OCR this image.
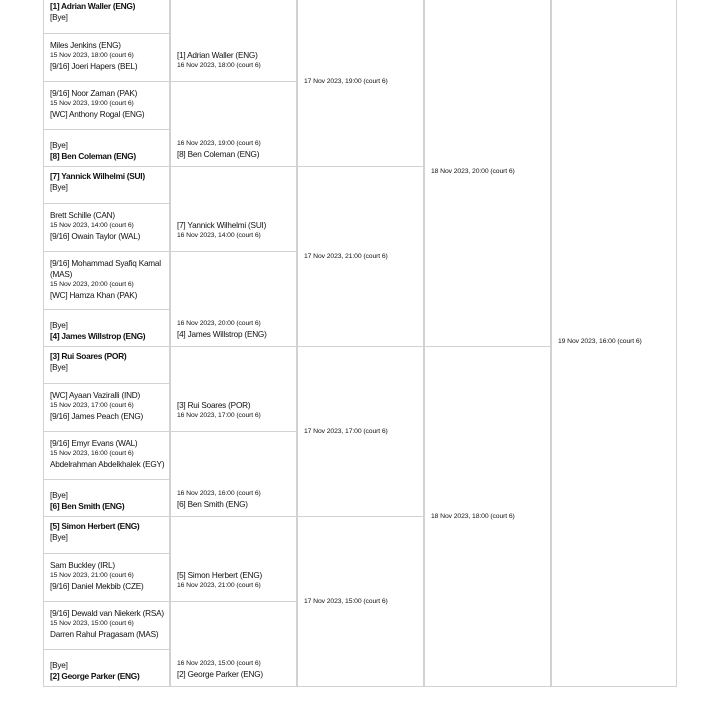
[1] Adrian Waller (ENG)
[Bye]
Miles Jenkins (ENG)
15 Nov 2023, 18:00 (court 6)
[9/16] Joeri Hapers (BEL)
[9/16] Noor Zaman (PAK)
15 Nov 2023, 19:00 (court 6)
[WC] Anthony Rogal (ENG)
[Bye]
[8] Ben Coleman (ENG)
[7] Yannick Wilhelmi (SUI)
[Bye]
Brett Schille (CAN)
15 Nov 2023, 14:00 (court 6)
[9/16] Owain Taylor (WAL)
[9/16] Mohammad Syafiq Kamal
(MAS)
15 Nov 2023, 20:00 (court 6)
[WC] Hamza Khan (PAK)
[Bye]
[4] James Willstrop (ENG)
[3] Rui Soares (POR)
[Bye]
[WC] Ayaan Vaziralli (IND)
15 Nov 2023, 17:00 (court 6)
[9/16] James Peach (ENG)
[9/16] Emyr Evans (WAL)
15 Nov 2023, 16:00 (court 6)
Abdelrahman Abdelkhalek (EGY)
[Bye]
[6] Ben Smith (ENG)
[5] Simon Herbert (ENG)
[Bye]
Sam Buckley (IRL)
15 Nov 2023, 21:00 (court 6)
[9/16] Daniel Mekbib (CZE)
[9/16] Dewald van Niekerk (RSA)
15 Nov 2023, 15:00 (court 6)
Darren Rahul Pragasam (MAS)
[Bye]
[2] George Parker (ENG)
[1] Adrian Waller (ENG)
16 Nov 2023, 18:00 (court 6)
16 Nov 2023, 19:00 (court 6)
[8] Ben Coleman (ENG)
[7] Yannick Wilhelmi (SUI)
16 Nov 2023, 14:00 (court 6)
16 Nov 2023, 20:00 (court 6)
[4] James Willstrop (ENG)
[3] Rui Soares (POR)
16 Nov 2023, 17:00 (court 6)
16 Nov 2023, 16:00 (court 6)
[6] Ben Smith (ENG)
[5] Simon Herbert (ENG)
16 Nov 2023, 21:00 (court 6)
16 Nov 2023, 15:00 (court 6)
[2] George Parker (ENG)
17 Nov 2023, 19:00 (court 6)
17 Nov 2023, 21:00 (court 6)
17 Nov 2023, 17:00 (court 6)
17 Nov 2023, 15:00 (court 6)
18 Nov 2023, 20:00 (court 6)
18 Nov 2023, 18:00 (court 6)
19 Nov 2023, 16:00 (court 6)
